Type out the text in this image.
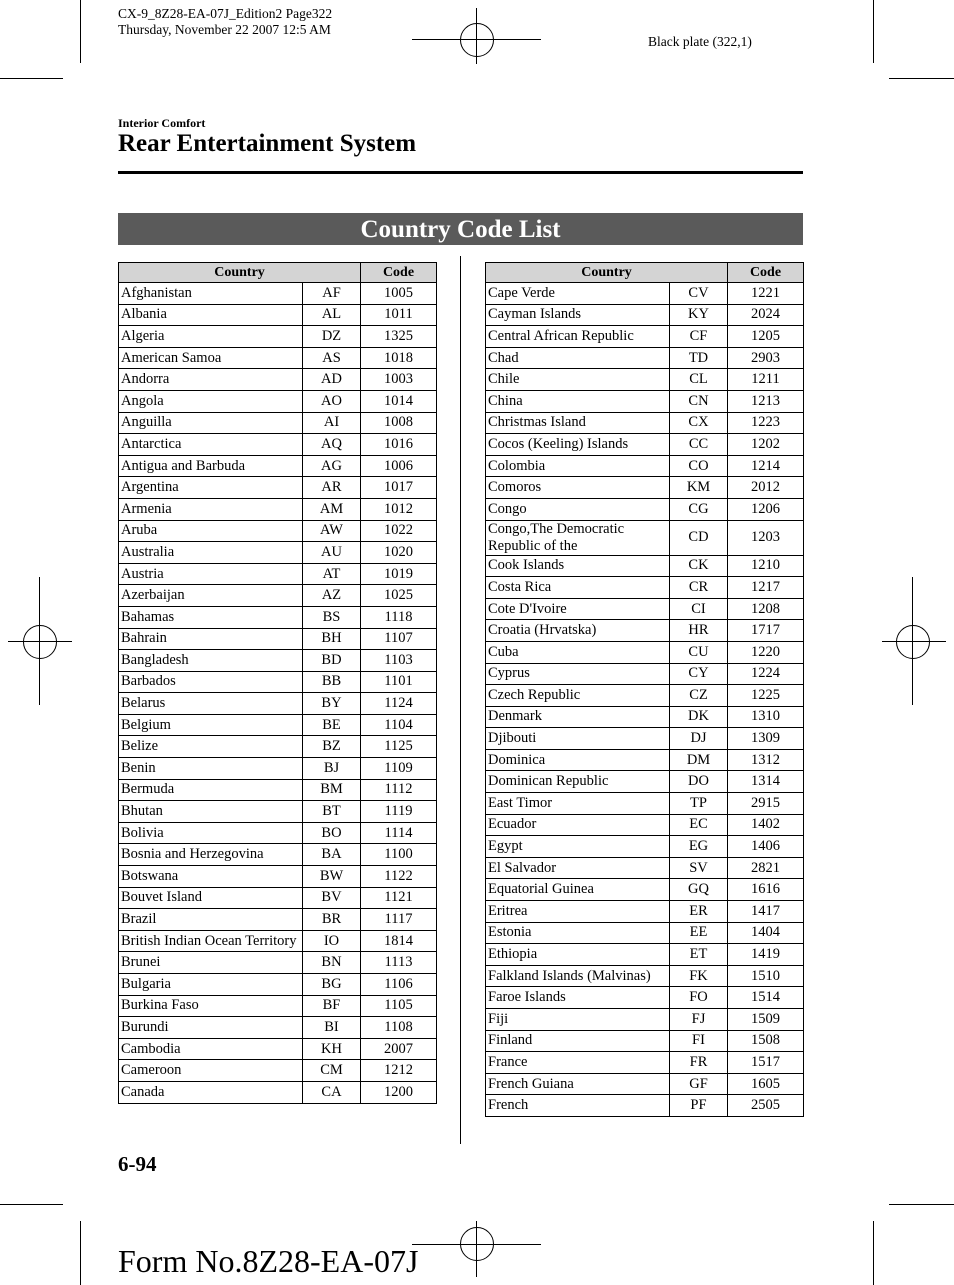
CX-9_8Z28-EA-07J_Edition2 Page322
Thursday, November 22 2007 12:5 AM
Black plate (322,1)
Interior Comfort
Rear Entertainment System
Country Code List
Country		Code
Afghanistan	AF	1005
Albania	AL	1011
Algeria	DZ	1325
American Samoa	AS	1018
Andorra	AD	1003
Angola	AO	1014
Anguilla	AI	1008
Antarctica	AQ	1016
Antigua and Barbuda	AG	1006
Argentina	AR	1017
Armenia	AM	1012
Aruba	AW	1022
Australia	AU	1020
Austria	AT	1019
Azerbaijan	AZ	1025
Bahamas	BS	1118
Bahrain	BH	1107
Bangladesh	BD	1103
Barbados	BB	1101
Belarus	BY	1124
Belgium	BE	1104
Belize	BZ	1125
Benin	BJ	1109
Bermuda	BM	1112
Bhutan	BT	1119
Bolivia	BO	1114
Bosnia and Herzegovina	BA	1100
Botswana	BW	1122
Bouvet Island	BV	1121
Brazil	BR	1117
British Indian Ocean Territory	IO	1814
Brunei	BN	1113
Bulgaria	BG	1106
Burkina Faso	BF	1105
Burundi	BI	1108
Cambodia	KH	2007
Cameroon	CM	1212
Canada	CA	1200
Country		Code
Cape Verde	CV	1221
Cayman Islands	KY	2024
Central African Republic	CF	1205
Chad	TD	2903
Chile	CL	1211
China	CN	1213
Christmas Island	CX	1223
Cocos (Keeling) Islands	CC	1202
Colombia	CO	1214
Comoros	KM	2012
Congo	CG	1206
Congo,The Democratic Republic of the	CD	1203
Cook Islands	CK	1210
Costa Rica	CR	1217
Cote D'Ivoire	CI	1208
Croatia (Hrvatska)	HR	1717
Cuba	CU	1220
Cyprus	CY	1224
Czech Republic	CZ	1225
Denmark	DK	1310
Djibouti	DJ	1309
Dominica	DM	1312
Dominican Republic	DO	1314
East Timor	TP	2915
Ecuador	EC	1402
Egypt	EG	1406
El Salvador	SV	2821
Equatorial Guinea	GQ	1616
Eritrea	ER	1417
Estonia	EE	1404
Ethiopia	ET	1419
Falkland Islands (Malvinas)	FK	1510
Faroe Islands	FO	1514
Fiji	FJ	1509
Finland	FI	1508
France	FR	1517
French Guiana	GF	1605
French	PF	2505
6-94
Form No.8Z28-EA-07J
